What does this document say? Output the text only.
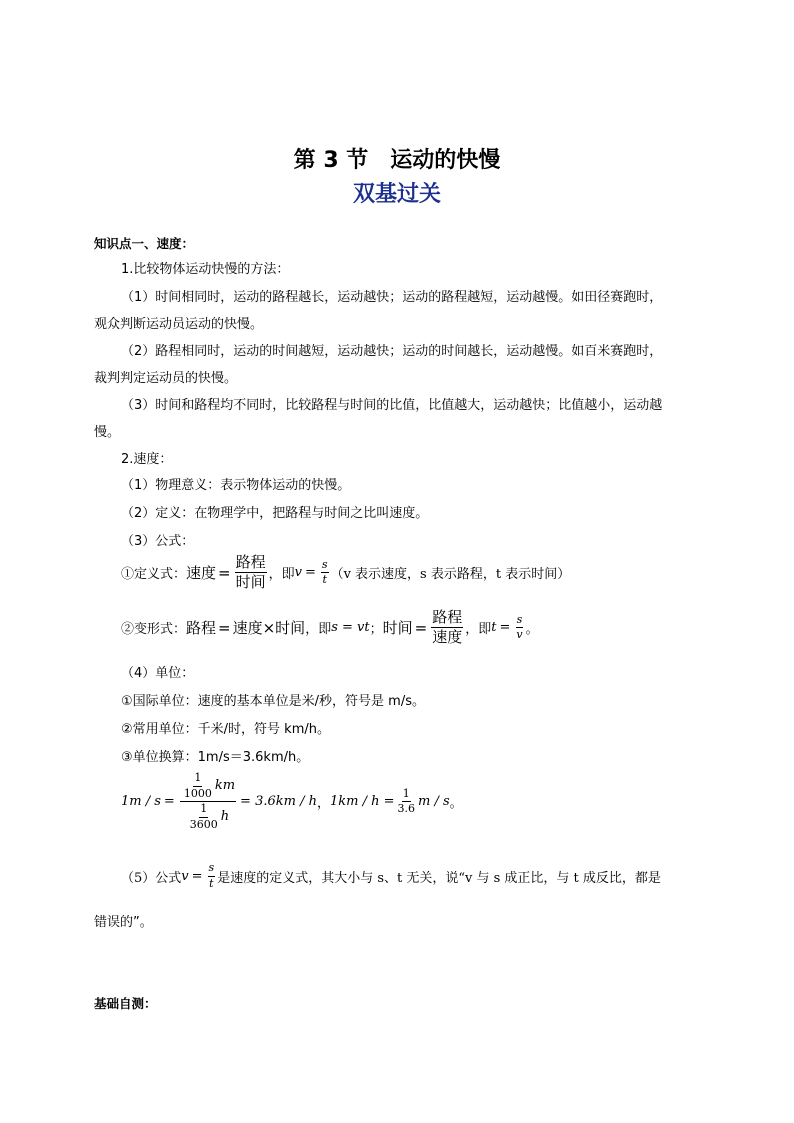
第 3 节　运动的快慢
双基过关
知识点一、速度：
1.比较物体运动快慢的方法：
（1）时间相同时，运动的路程越长，运动越快；运动的路程越短，运动越慢。如田径赛跑时，
观众判断运动员运动的快慢。
（2）路程相同时，运动的时间越短，运动越快；运动的时间越长，运动越慢。如百米赛跑时，
裁判判定运动员的快慢。
（3）时间和路程均不同时，比较路程与时间的比值，比值越大，运动越快；比值越小，运动越
慢。
2.速度：
（1）物理意义：表示物体运动的快慢。
（2）定义：在物理学中，把路程与时间之比叫速度。
（3）公式：
①定义式： 速度 = $\frac{\text{路程}}{\text{时间}}$ ，即 $v = \frac{s}{t} (v$ 表示速度，s 表示路程，t 表示时间）
②变形式： 路程 = 速度×时间 ，即 s = vt ； 时间 = $\frac{\text{路程}}{\text{速度}}$ ，即 $t = \frac{s}{v}$ 。
（4）单位：
①国际单位：速度的基本单位是米/秒，符号是 m/s。
②常用单位：千米/时，符号 km/h。
③单位换算：1m/s＝3.6km/h。
$1m / s = \frac{\frac{1}{1000} km}{\frac{1}{3600} h} = 3.6km / h$ ， $1km / h = \frac{1}{3.6}$ m / s 。
（5）公式 $v = \frac{s}{t}$ 是速度的定义式，其大小与 s、t 无关，说“v 与 s 成正比，与 t 成反比，都是
错误的”。
基础自测：
